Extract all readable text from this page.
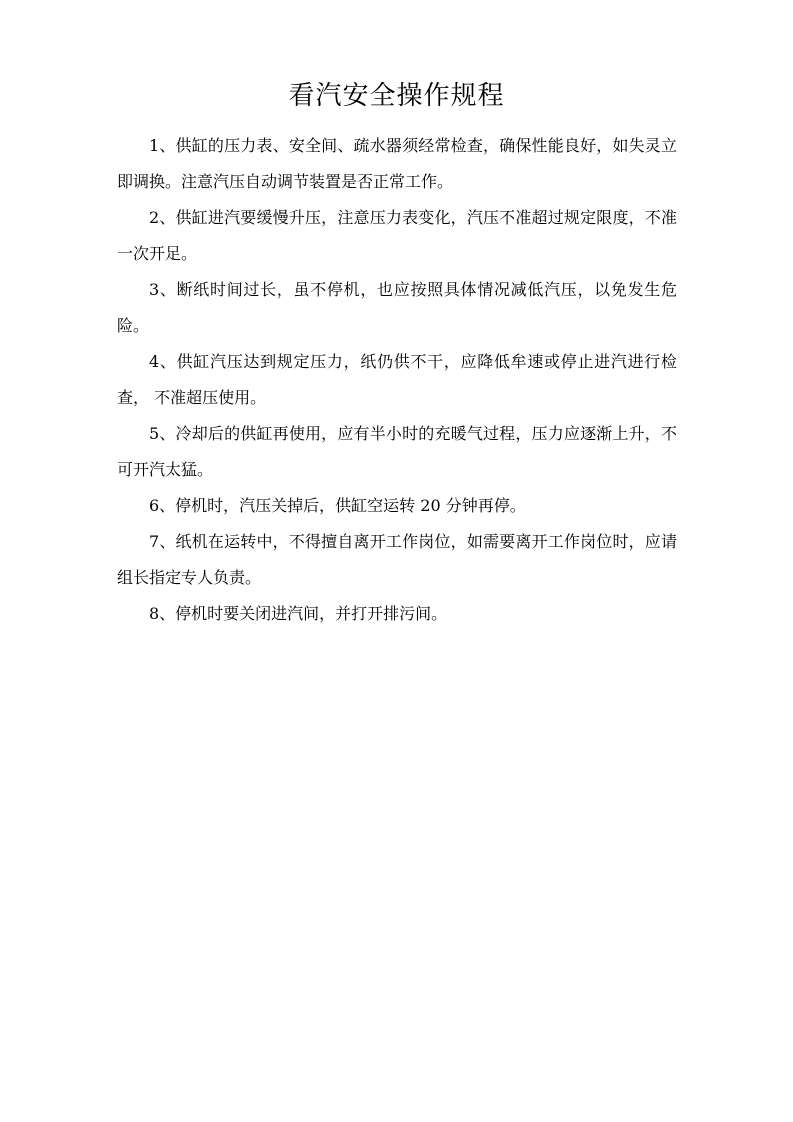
看汽安全操作规程

1、供缸的压力表、安全间、疏水器须经常检查，确保性能良好，如失灵立即调换。注意汽压自动调节装置是否正常工作。

2、供缸进汽要缓慢升压，注意压力表变化，汽压不准超过规定限度，不准 一次开足。

3、断纸时间过长，虽不停机，也应按照具体情况减低汽压，以免发生危险。

4、供缸汽压达到规定压力，纸仍供不干，应降低牟速或停止进汽进行检查， 不准超压使用。

5、冷却后的供缸再使用，应有半小时的充暖气过程，压力应逐渐上升，不可开汽太猛。

6、停机时，汽压关掉后，供缸空运转 20 分钟再停。

7、纸机在运转中，不得擅自离开工作岗位，如需要离开工作岗位时，应请组长指定专人负责。

8、停机时要关闭进汽间，并打开排污间。
